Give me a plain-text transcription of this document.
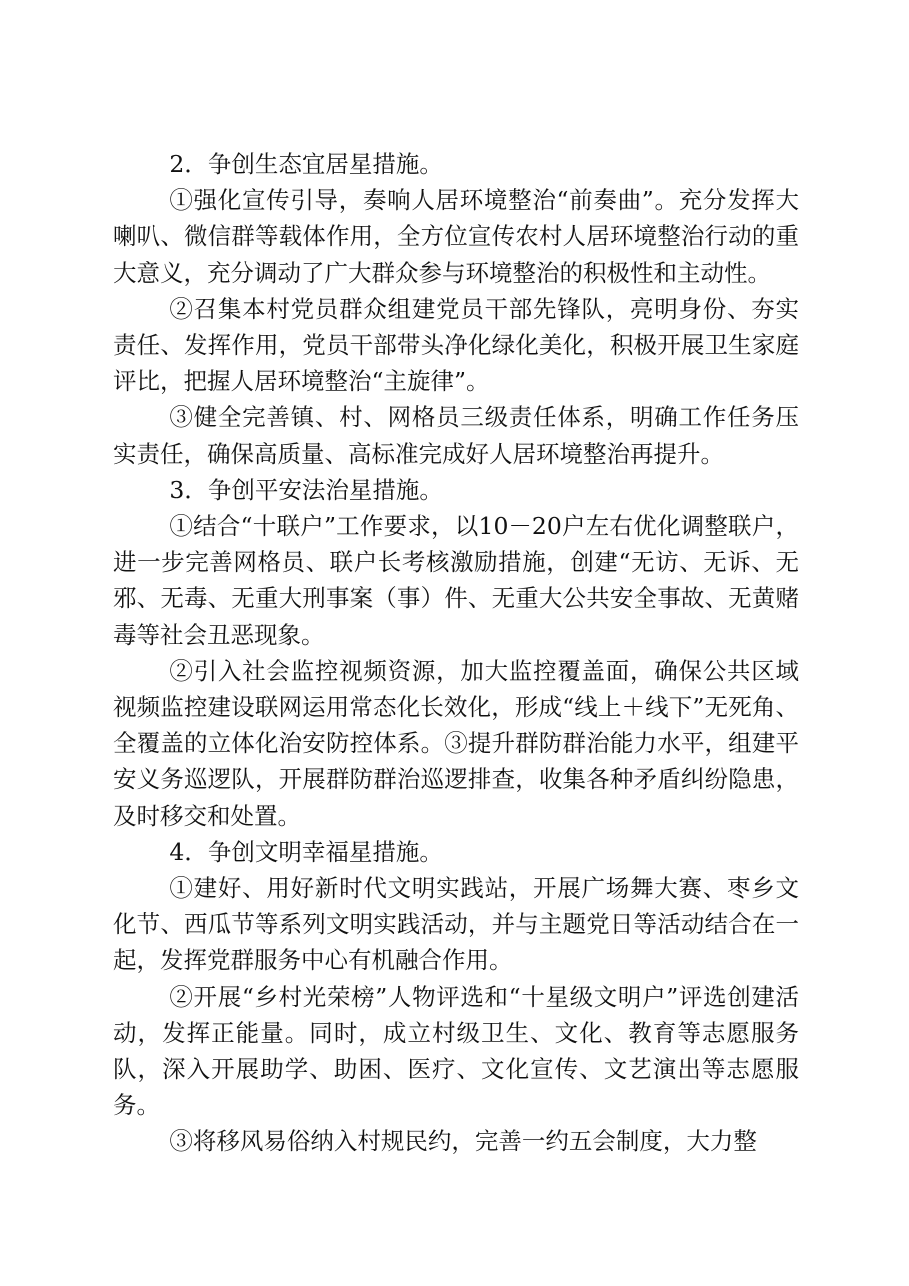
2．争创生态宜居星措施。

①强化宣传引导，奏响人居环境整治“前奏曲”。充分发挥大喇叭、微信群等载体作用，全方位宣传农村人居环境整治行动的重大意义，充分调动了广大群众参与环境整治的积极性和主动性。

②召集本村党员群众组建党员干部先锋队，亮明身份、夯实责任、发挥作用，党员干部带头净化绿化美化，积极开展卫生家庭评比，把握人居环境整治“主旋律”。

③健全完善镇、村、网格员三级责任体系，明确工作任务压实责任，确保高质量、高标准完成好人居环境整治再提升。

3．争创平安法治星措施。

①结合“十联户”工作要求，以10－20户左右优化调整联户，进一步完善网格员、联户长考核激励措施，创建“无访、无诉、无邪、无毒、无重大刑事案（事）件、无重大公共安全事故、无黄赌毒等社会丑恶现象。

②引入社会监控视频资源，加大监控覆盖面，确保公共区域视频监控建设联网运用常态化长效化，形成“线上＋线下”无死角、全覆盖的立体化治安防控体系。③提升群防群治能力水平，组建平安义务巡逻队，开展群防群治巡逻排查，收集各种矛盾纠纷隐患，及时移交和处置。

4．争创文明幸福星措施。

①建好、用好新时代文明实践站，开展广场舞大赛、枣乡文化节、西瓜节等系列文明实践活动，并与主题党日等活动结合在一起，发挥党群服务中心有机融合作用。

②开展“乡村光荣榜”人物评选和“十星级文明户”评选创建活动，发挥正能量。同时，成立村级卫生、文化、教育等志愿服务队，深入开展助学、助困、医疗、文化宣传、文艺演出等志愿服务。

③将移风易俗纳入村规民约，完善一约五会制度，大力整
